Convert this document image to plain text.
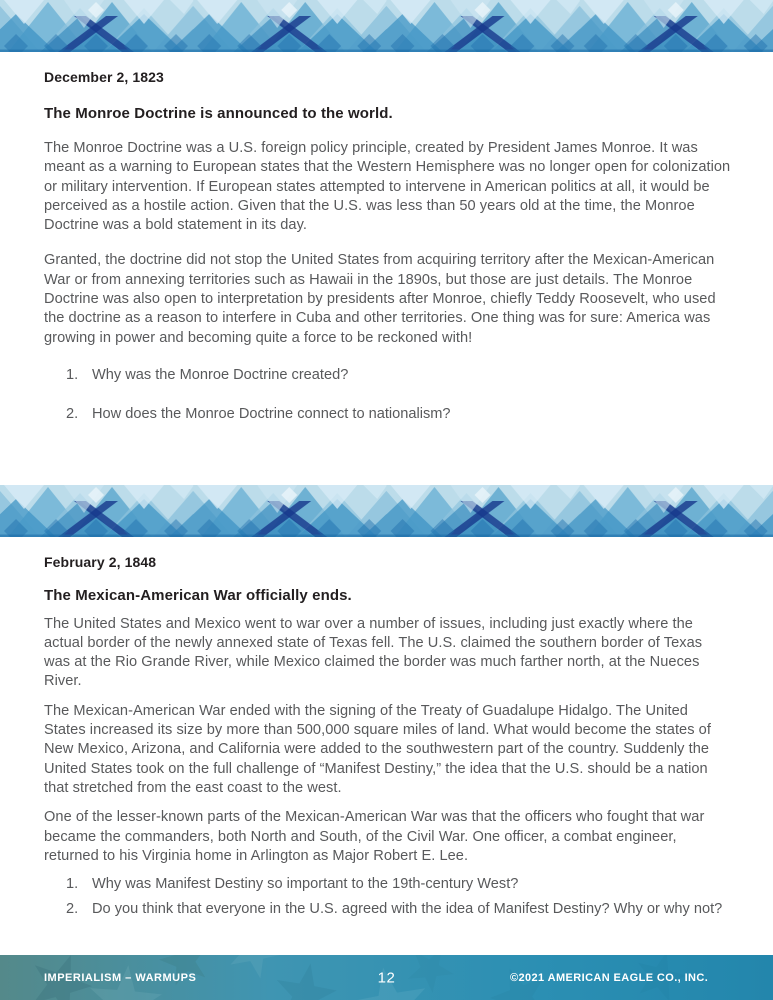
December 2, 1823
The Monroe Doctrine is announced to the world.

The Monroe Doctrine was a U.S. foreign policy principle, created by President James Monroe. It was meant as a warning to European states that the Western Hemisphere was no longer open for colonization or military intervention. If European states attempted to intervene in American politics at all, it would be perceived as a hostile action. Given that the U.S. was less than 50 years old at the time, the Monroe Doctrine was a bold statement in its day.

Granted, the doctrine did not stop the United States from acquiring territory after the Mexican-American War or from annexing territories such as Hawaii in the 1890s, but those are just details. The Monroe Doctrine was also open to interpretation by presidents after Monroe, chiefly Teddy Roosevelt, who used the doctrine as a reason to interfere in Cuba and other territories. One thing was for sure: America was growing in power and becoming quite a force to be reckoned with!

1. Why was the Monroe Doctrine created?
2. How does the Monroe Doctrine connect to nationalism?
February 2, 1848
The Mexican-American War officially ends.

The United States and Mexico went to war over a number of issues, including just exactly where the actual border of the newly annexed state of Texas fell. The U.S. claimed the southern border of Texas was at the Rio Grande River, while Mexico claimed the border was much farther north, at the Nueces River.

The Mexican-American War ended with the signing of the Treaty of Guadalupe Hidalgo. The United States increased its size by more than 500,000 square miles of land. What would become the states of New Mexico, Arizona, and California were added to the southwestern part of the country. Suddenly the United States took on the full challenge of “Manifest Destiny,” the idea that the U.S. should be a nation that stretched from the east coast to the west.

One of the lesser-known parts of the Mexican-American War was that the officers who fought that war became the commanders, both North and South, of the Civil War. One officer, a combat engineer, returned to his Virginia home in Arlington as Major Robert E. Lee.

1. Why was Manifest Destiny so important to the 19th-century West?
2. Do you think that everyone in the U.S. agreed with the idea of Manifest Destiny? Why or why not?
IMPERIALISM – WARMUPS	12	©2021 AMERICAN EAGLE CO., INC.
